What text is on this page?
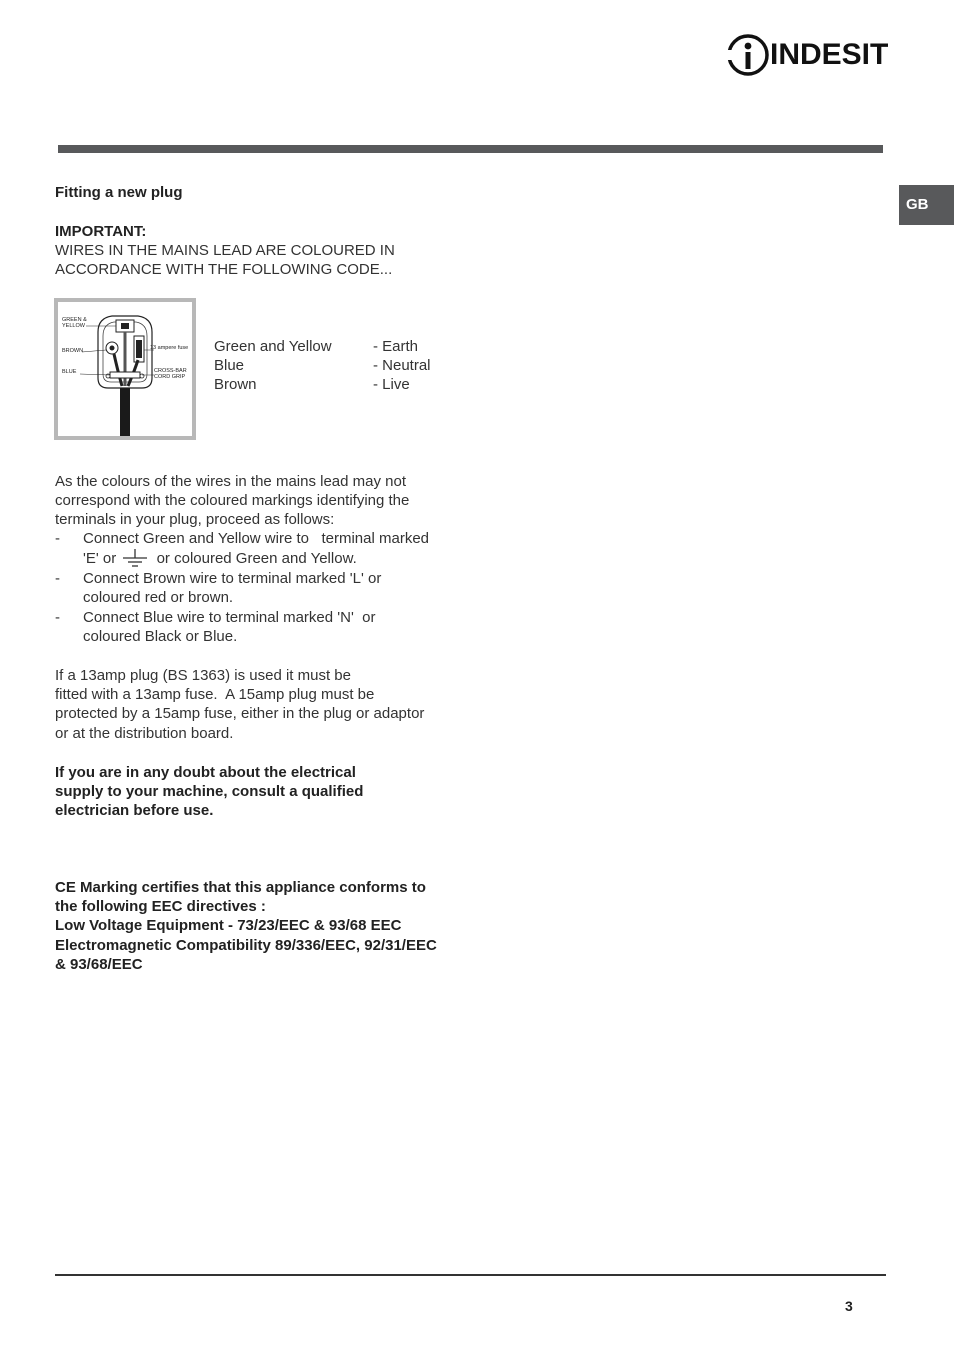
INDESIT
GB
Fitting a new plug
IMPORTANT:
WIRES IN THE MAINS LEAD ARE COLOURED IN
ACCORDANCE WITH THE FOLLOWING CODE...
GREEN &
YELLOW
BROWN
BLUE
13 ampere fuse
CROSS-BAR
CORD GRIP
Green and Yellow	- Earth
Blue	- Neutral
Brown	- Live
As the colours of the wires in the mains lead may not
correspond with the coloured markings identifying the
terminals in your plug, proceed as follows:
- Connect Green and Yellow wire to   terminal marked
'E' or	or coloured Green and Yellow.
- Connect Brown wire to terminal marked 'L' or
coloured red or brown.
- Connect Blue wire to terminal marked 'N'  or
coloured Black or Blue.
If a 13amp plug (BS 1363) is used it must be
fitted with a 13amp fuse.  A 15amp plug must be
protected by a 15amp fuse, either in the plug or adaptor
or at the distribution board.
If you are in any doubt about the electrical
supply to your machine, consult a qualified
electrician before use.
CE Marking certifies that this appliance conforms to
the following EEC directives :
Low Voltage Equipment - 73/23/EEC & 93/68 EEC
Electromagnetic Compatibility 89/336/EEC, 92/31/EEC
& 93/68/EEC
3
